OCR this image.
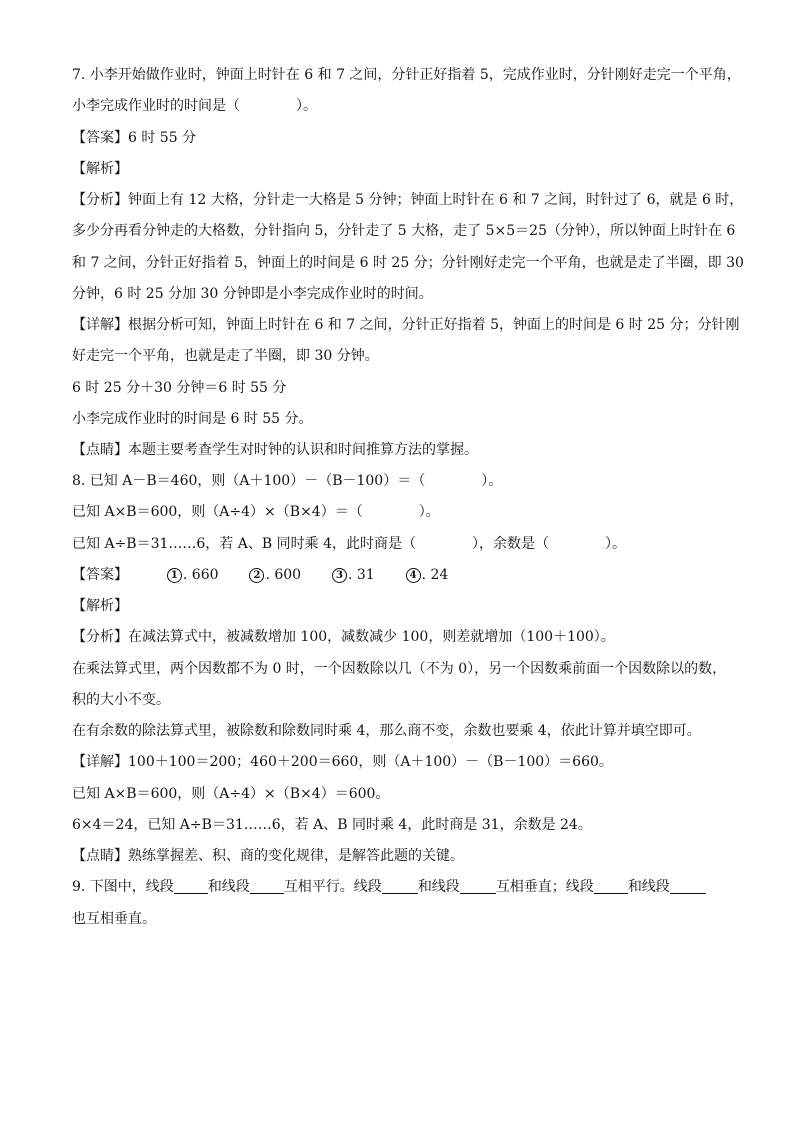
7. 小李开始做作业时，钟面上时针在 6 和 7 之间，分针正好指着 5，完成作业时，分针刚好走完一个平角，
小李完成作业时的时间是（　　　　）。
【答案】6 时 55 分
【解析】
【分析】钟面上有 12 大格，分针走一大格是 5 分钟；钟面上时针在 6 和 7 之间，时针过了 6，就是 6 时，
多少分再看分钟走的大格数，分针指向 5，分针走了 5 大格，走了 5×5＝25（分钟），所以钟面上时针在 6
和 7 之间，分针正好指着 5，钟面上的时间是 6 时 25 分；分针刚好走完一个平角，也就是走了半圈，即 30
分钟，6 时 25 分加 30 分钟即是小李完成作业时的时间。
【详解】根据分析可知，钟面上时针在 6 和 7 之间，分针正好指着 5，钟面上的时间是 6 时 25 分；分针刚
好走完一个平角，也就是走了半圈，即 30 分钟。
6 时 25 分＋30 分钟＝6 时 55 分
小李完成作业时的时间是 6 时 55 分。
【点睛】本题主要考查学生对时钟的认识和时间推算方法的掌握。
8. 已知 A－B＝460，则（A＋100）－（B－100）＝（　　　　）。
已知 A×B＝600，则（A÷4）×（B×4）＝（　　　　）。
已知 A÷B＝31……6，若 A、B 同时乘 4，此时商是（　　　　），余数是（　　　　）。
【答案】	1 . 660	2 . 600	3 . 31	4 . 24
【解析】
【分析】在减法算式中，被减数增加 100，减数减少 100，则差就增加（100＋100）。
在乘法算式里，两个因数都不为 0 时，一个因数除以几（不为 0），另一个因数乘前面一个因数除以的数，
积的大小不变。
在有余数的除法算式里，被除数和除数同时乘 4，那么商不变，余数也要乘 4，依此计算并填空即可。
【详解】100＋100＝200；460＋200＝660，则（A＋100）－（B－100）＝660。
已知 A×B＝600，则（A÷4）×（B×4）＝600。
6×4＝24，已知 A÷B＝31……6，若 A、B 同时乘 4，此时商是 31，余数是 24。
【点睛】熟练掌握差、积、商的变化规律，是解答此题的关键。
9. 下图中，线段 和线段 互相平行。线段	和线段	互相垂直；线段 和线段
也互相垂直。
